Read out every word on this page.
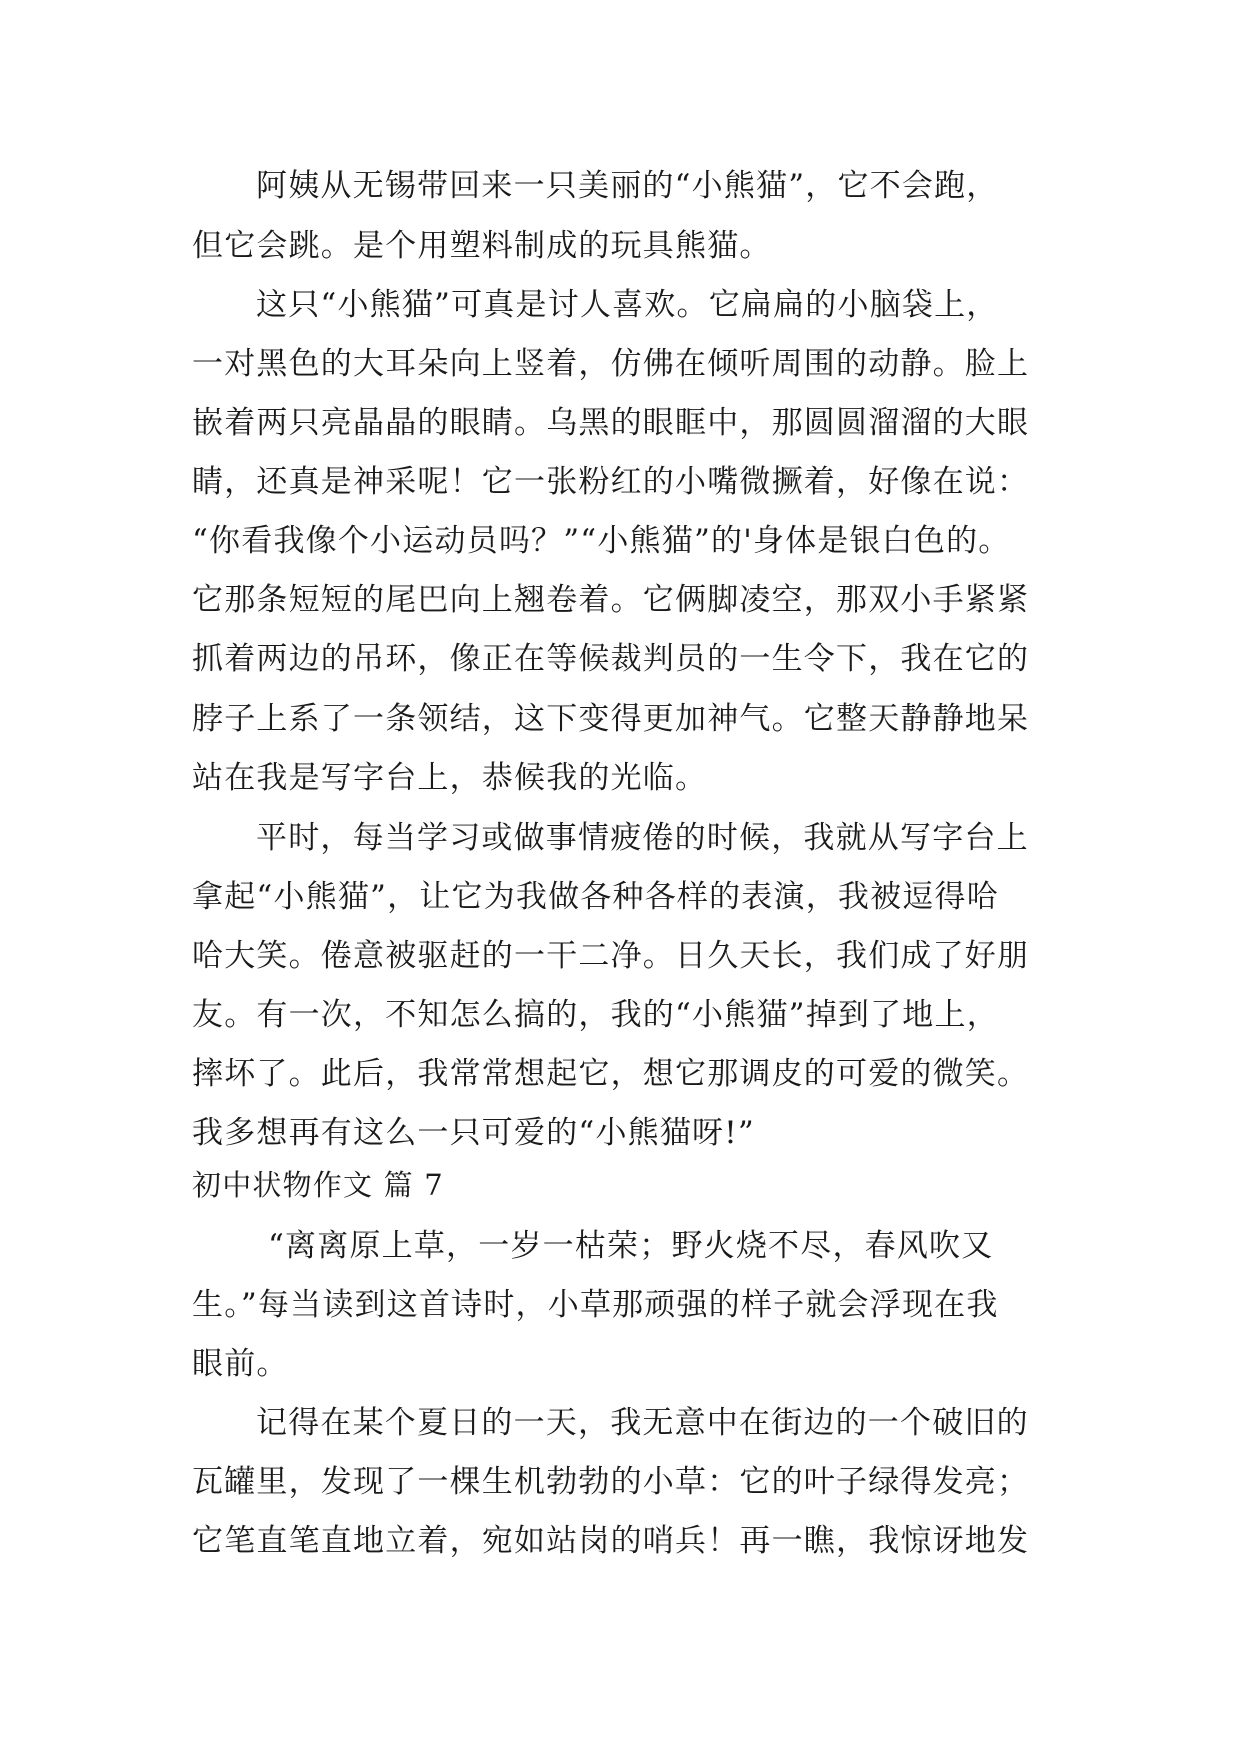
阿姨从无锡带回来一只美丽的“小熊猫”，它不会跑，
但它会跳。是个用塑料制成的玩具熊猫。
这只“小熊猫”可真是讨人喜欢。它扁扁的小脑袋上，
一对黑色的大耳朵向上竖着，仿佛在倾听周围的动静。脸上
嵌着两只亮晶晶的眼睛。乌黑的眼眶中，那圆圆溜溜的大眼
睛，还真是神采呢！它一张粉红的小嘴微撅着，好像在说：
“你看我像个小运动员吗？”“小熊猫”的'身体是银白色的。
它那条短短的尾巴向上翘卷着。它俩脚凌空，那双小手紧紧
抓着两边的吊环，像正在等候裁判员的一生令下，我在它的
脖子上系了一条领结，这下变得更加神气。它整天静静地呆
站在我是写字台上，恭候我的光临。
平时，每当学习或做事情疲倦的时候，我就从写字台上
拿起“小熊猫”，让它为我做各种各样的表演，我被逗得哈
哈大笑。倦意被驱赶的一干二净。日久天长，我们成了好朋
友。有一次，不知怎么搞的，我的“小熊猫”掉到了地上，
摔坏了。此后，我常常想起它，想它那调皮的可爱的微笑。
我多想再有这么一只可爱的“小熊猫呀!”
初中状物作文 篇 7
“离离原上草，一岁一枯荣；野火烧不尽，春风吹又
生。”每当读到这首诗时，小草那顽强的样子就会浮现在我
眼前。
记得在某个夏日的一天，我无意中在街边的一个破旧的
瓦罐里，发现了一棵生机勃勃的小草：它的叶子绿得发亮；
它笔直笔直地立着，宛如站岗的哨兵！再一瞧，我惊讶地发
